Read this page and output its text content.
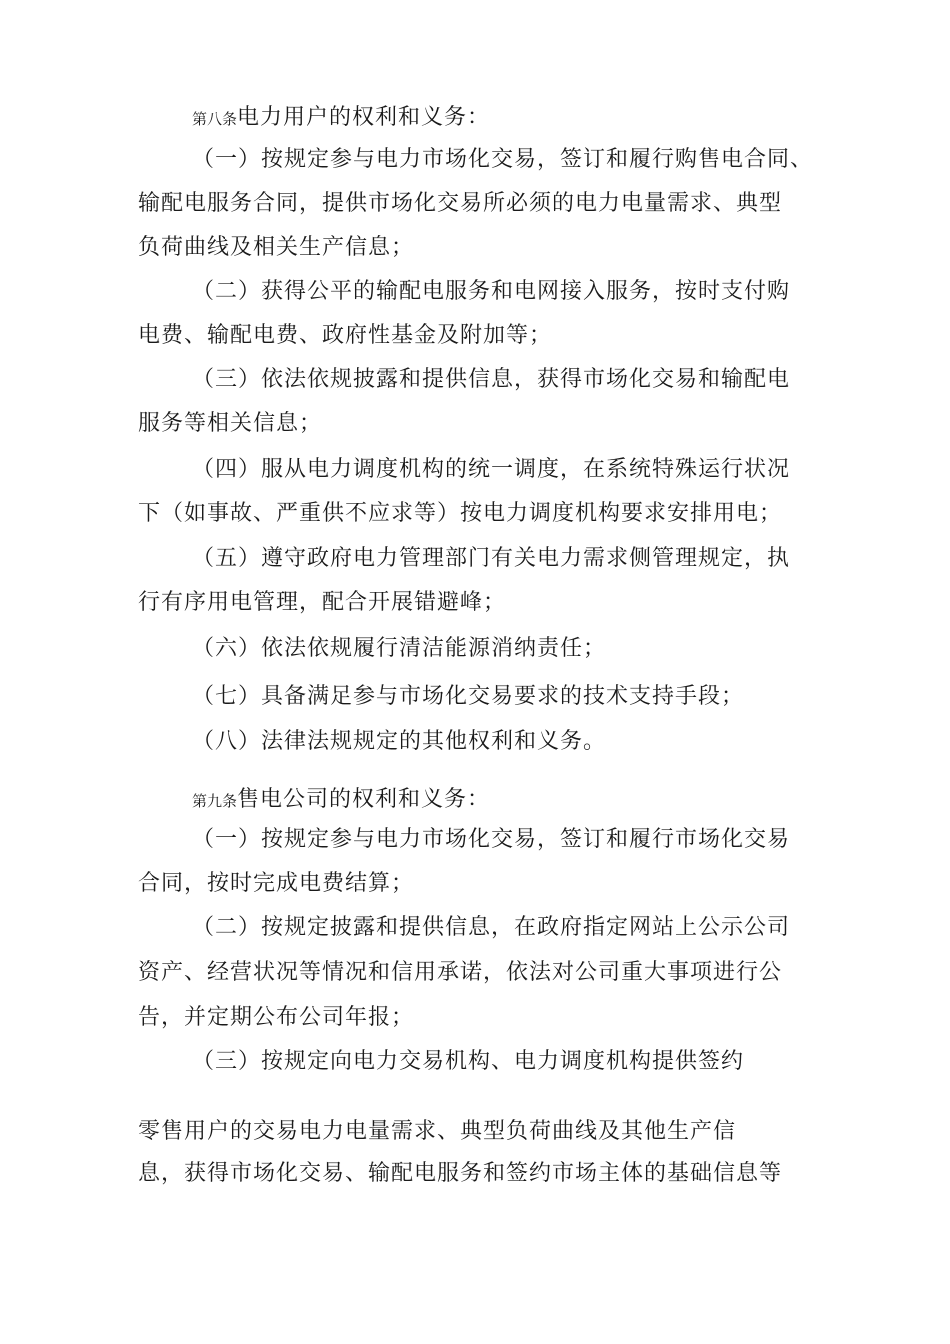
第八条电力用户的权利和义务：
（一）按规定参与电力市场化交易，签订和履行购售电合同、
输配电服务合同，提供市场化交易所必须的电力电量需求、典型
负荷曲线及相关生产信息；
（二）获得公平的输配电服务和电网接入服务，按时支付购
电费、输配电费、政府性基金及附加等；
（三）依法依规披露和提供信息，获得市场化交易和输配电
服务等相关信息；
（四）服从电力调度机构的统一调度，在系统特殊运行状况
下（如事故、严重供不应求等）按电力调度机构要求安排用电；
（五）遵守政府电力管理部门有关电力需求侧管理规定，执
行有序用电管理，配合开展错避峰；
（六）依法依规履行清洁能源消纳责任；
（七）具备满足参与市场化交易要求的技术支持手段；
（八）法律法规规定的其他权利和义务。
第九条售电公司的权利和义务：
（一）按规定参与电力市场化交易，签订和履行市场化交易
合同，按时完成电费结算；
（二）按规定披露和提供信息，在政府指定网站上公示公司
资产、经营状况等情况和信用承诺，依法对公司重大事项进行公
告，并定期公布公司年报；
（三）按规定向电力交易机构、电力调度机构提供签约
零售用户的交易电力电量需求、典型负荷曲线及其他生产信
息，获得市场化交易、输配电服务和签约市场主体的基础信息等
